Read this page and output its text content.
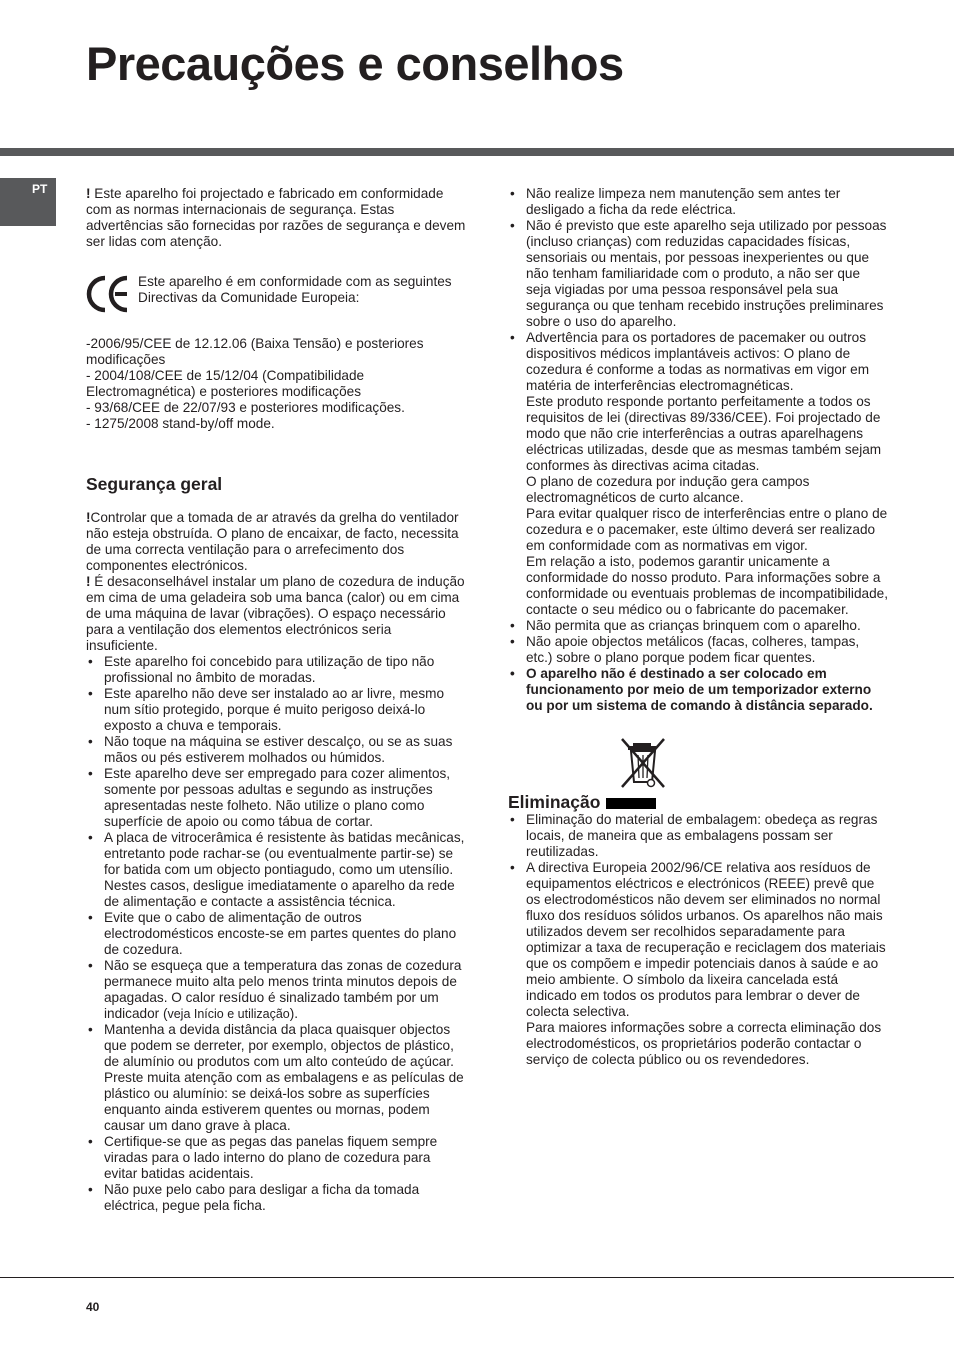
Precauções e conselhos
PT	! Este aparelho foi projectado e fabricado em conformidade com as normas internacionais de segurança. Estas advertências são fornecidas por razões de segurança e devem ser lidas com atenção.

Este aparelho é em conformidade com as seguintes Directivas da Comunidade Europeia:

-2006/95/CEE de 12.12.06 (Baixa Tensão) e posteriores modificações

- 2004/108/CEE de 15/12/04 (Compatibilidade Electromagnética) e posteriores modificações

- 93/68/CEE de 22/07/93 e posteriores modificações.

- 1275/2008 stand-by/off mode.

Segurança geral

!Controlar que a tomada de ar através da grelha do ventilador não esteja obstruída. O plano de encaixar, de facto, necessita de uma correcta ventilação para o arrefecimento dos componentes electrónicos.

! É desaconselhável instalar um plano de cozedura de indução em cima de uma geladeira sob uma banca (calor) ou em cima de uma máquina de lavar (vibrações). O espaço necessário para a ventilação dos elementos electrónicos seria insuficiente.

• Este aparelho foi concebido para utilização de tipo não profissional no âmbito de moradas.
• Este aparelho não deve ser instalado ao ar livre, mesmo num sítio protegido, porque é muito perigoso deixá-lo exposto a chuva e temporais.
• Não toque na máquina se estiver descalço, ou se as suas mãos ou pés estiverem molhados ou húmidos.
• Este aparelho deve ser empregado para cozer alimentos, somente por pessoas adultas e segundo as instruções apresentadas neste folheto. Não utilize o plano como superfície de apoio ou como tábua de cortar.
• A placa de vitrocerâmica é resistente às batidas mecânicas, entretanto pode rachar-se (ou eventualmente partir-se) se for batida com um objecto pontiagudo, como um utensílio. Nestes casos, desligue imediatamente o aparelho da rede de alimentação e contacte a assistência técnica.
• Evite que o cabo de alimentação de outros electrodomésticos encoste-se em partes quentes do plano de cozedura.
• Não se esqueça que a temperatura das zonas de cozedura permanece muito alta pelo menos trinta minutos depois de apagadas. O calor resíduo é sinalizado também por um indicador (veja Início e utilização).
• Mantenha a devida distância da placa quaisquer objectos que podem se derreter, por exemplo, objectos de plástico, de alumínio ou produtos com um alto conteúdo de açúcar. Preste muita atenção com as embalagens e as películas de plástico ou alumínio: se deixá-los sobre as superfícies enquanto ainda estiverem quentes ou mornas, podem causar um dano grave à placa.
• Certifique-se que as pegas das panelas fiquem sempre viradas para o lado interno do plano de cozedura para evitar batidas acidentais.
• Não puxe pelo cabo para desligar a ficha da tomada eléctrica, pegue pela ficha.
• Não realize limpeza nem manutenção sem antes ter desligado a ficha da rede eléctrica.
• Não é previsto que este aparelho seja utilizado por pessoas (incluso crianças) com reduzidas capacidades físicas, sensoriais ou mentais, por pessoas inexperientes ou que não tenham familiaridade com o produto, a não ser que seja vigiadas por uma pessoa responsável pela sua segurança ou que tenham recebido instruções preliminares sobre o uso do aparelho.

• Advertência para os portadores de pacemaker ou outros dispositivos médicos implantáveis activos: O plano de cozedura é conforme a todas as normativas em vigor em matéria de interferências electromagnéticas.

Este produto responde portanto perfeitamente a todos os requisitos de lei (directivas 89/336/CEE). Foi projectado de modo que não crie interferências a outras aparelhagens eléctricas utilizadas, desde que as mesmas também sejam conformes às directivas acima citadas.

O plano de cozedura por indução gera campos electromagnéticos de curto alcance.

Para evitar qualquer risco de interferências entre o plano de cozedura e o pacemaker, este último deverá ser realizado em conformidade com as normativas em vigor.

Em relação a isto, podemos garantir unicamente a conformidade do nosso produto. Para informações sobre a conformidade ou eventuais problemas de incompatibilidade, contacte o seu médico ou o fabricante do pacemaker.

• Não permita que as crianças brinquem com o aparelho.
• Não apoie objectos metálicos (facas, colheres, tampas, etc.) sobre o plano porque podem ficar quentes.
• O aparelho não é destinado a ser colocado em funcionamento por meio de um temporizador externo ou por um sistema de comando à distância separado.
Eliminação
• Eliminação do material de embalagem: obedeça as regras locais, de maneira que as embalagens possam ser reutilizadas.

• A directiva Europeia 2002/96/CE relativa aos resíduos de equipamentos eléctricos e electrónicos (REEE) prevê que os electrodomésticos não devem ser eliminados no normal fluxo dos resíduos sólidos urbanos. Os aparelhos não mais utilizados devem ser recolhidos separadamente para optimizar a taxa de recuperação e reciclagem dos materiais que os compõem e impedir potenciais danos à saúde e ao meio ambiente. O símbolo da lixeira cancelada está indicado em todos os produtos para lembrar o dever de colecta selectiva.

Para maiores informações sobre a correcta eliminação dos electrodomésticos, os proprietários poderão contactar o serviço de colecta público ou os revendedores.

40
